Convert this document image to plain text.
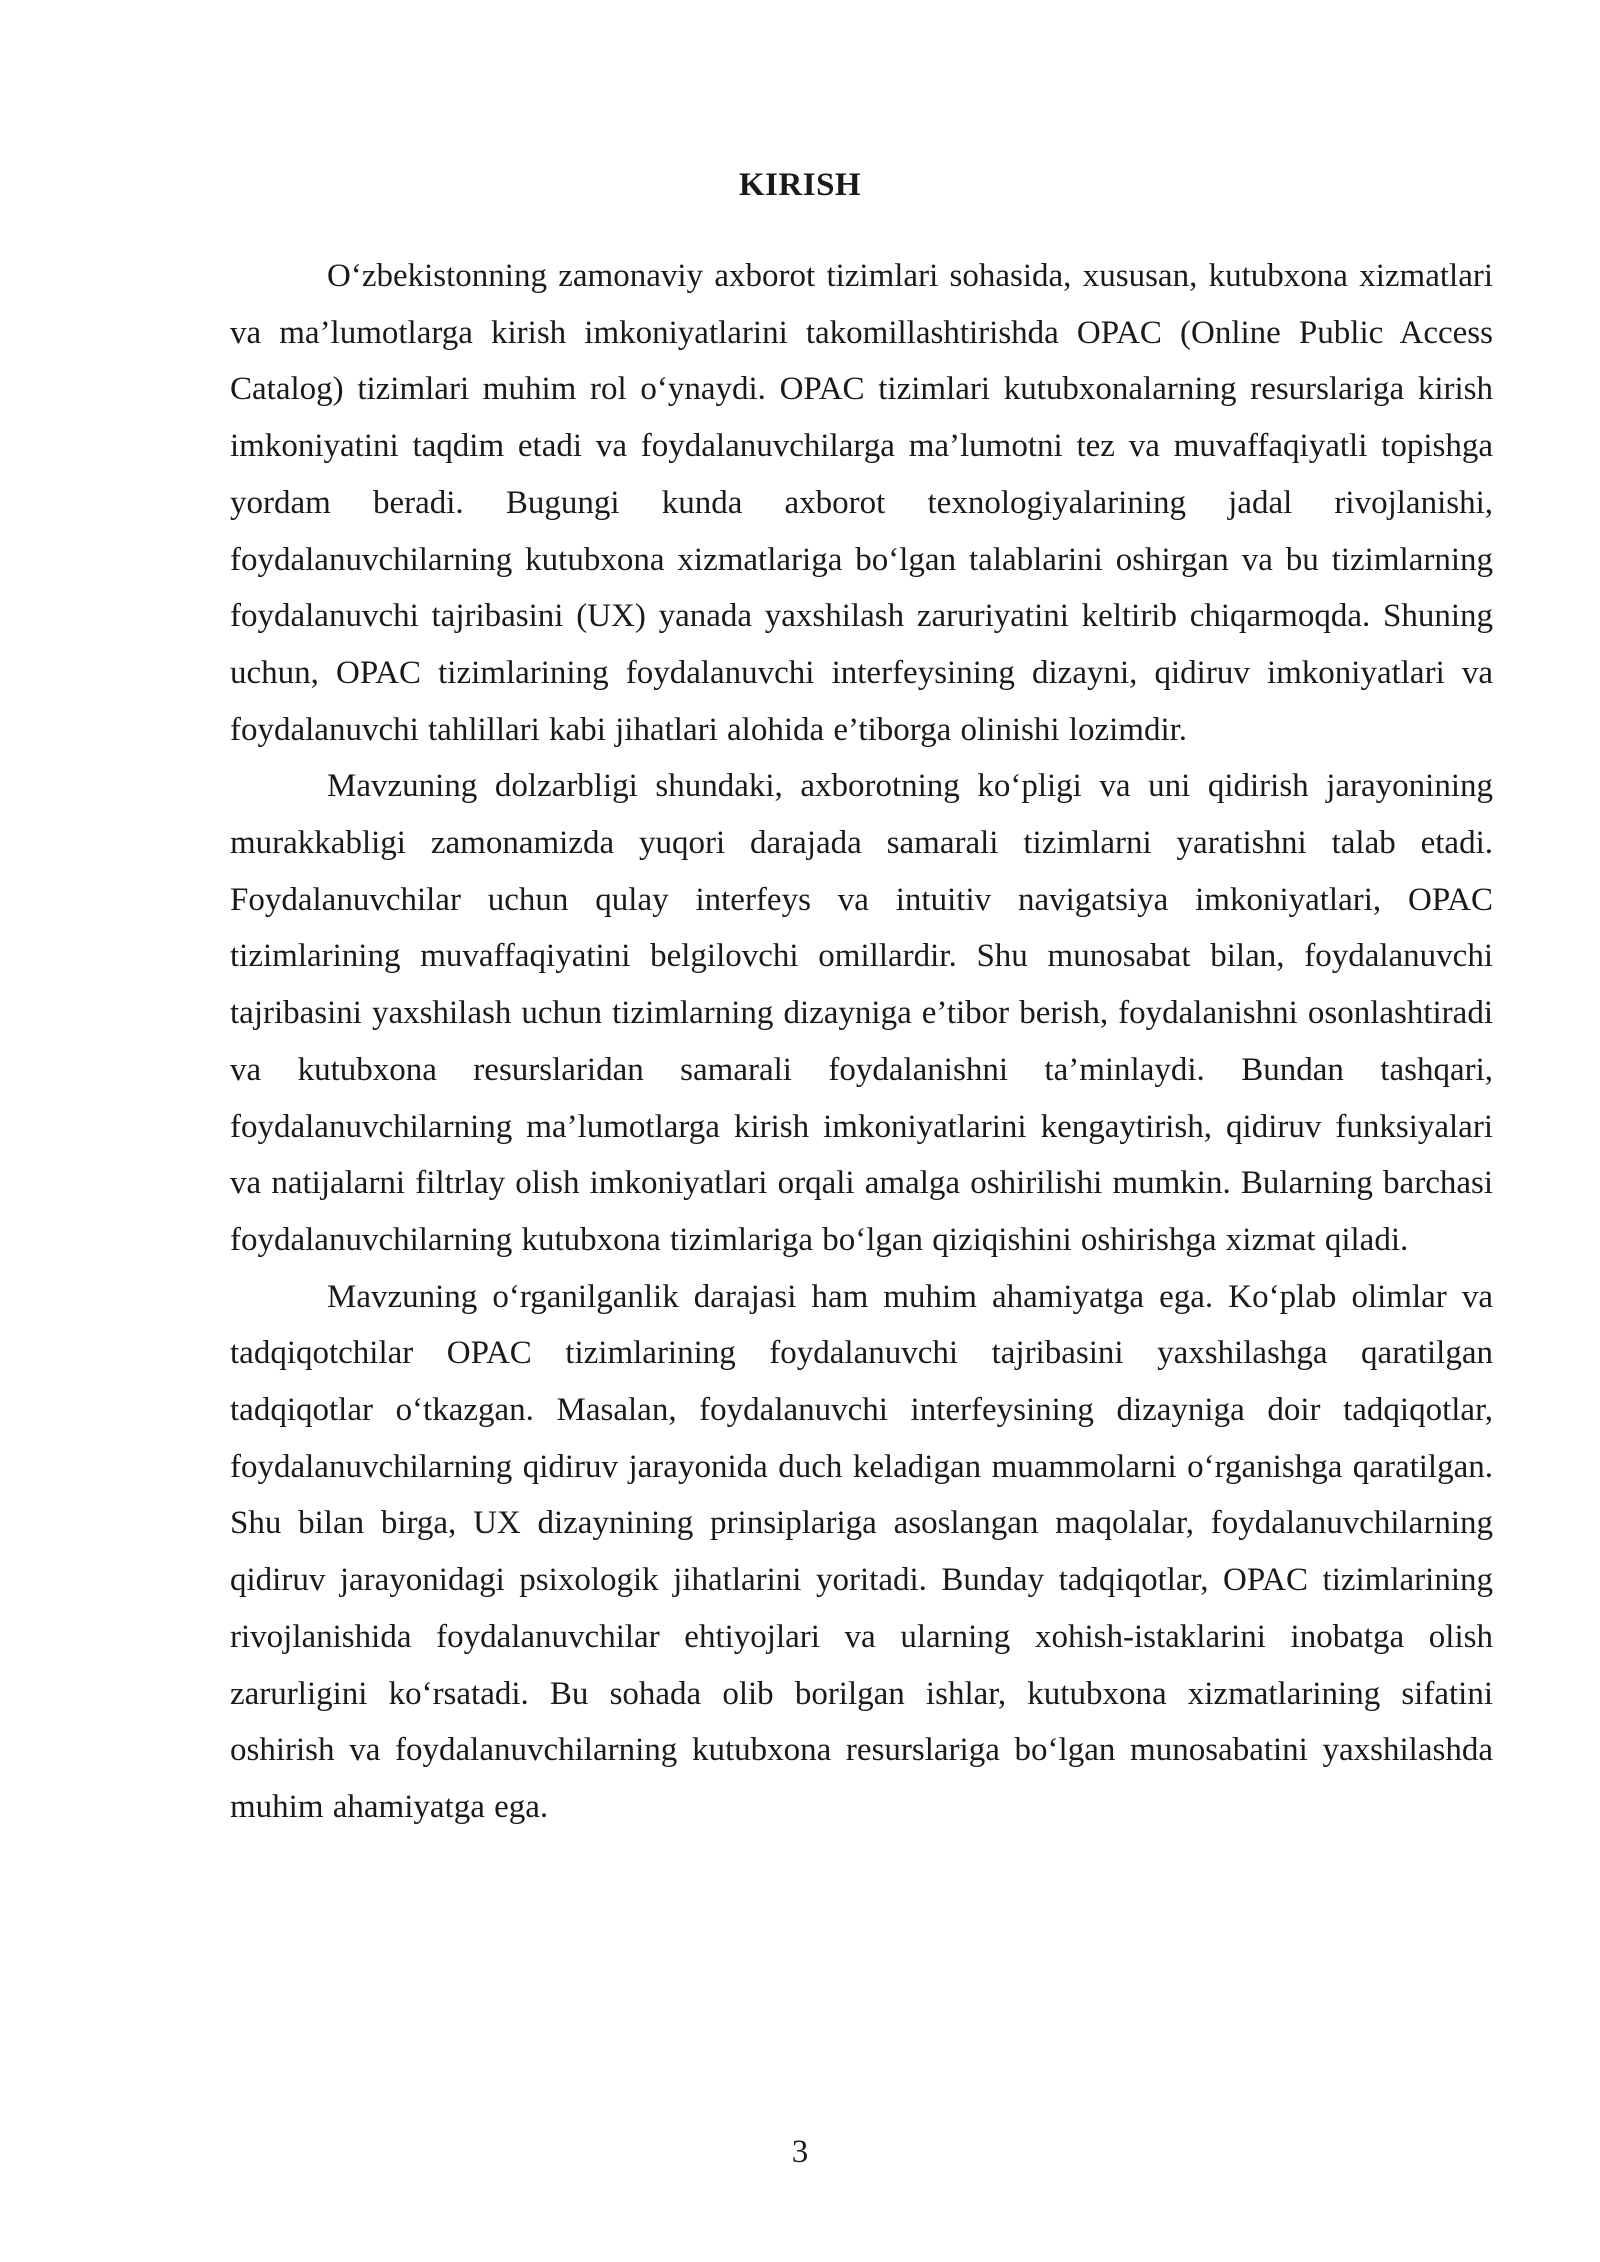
KIRISH

O‘zbekistonning zamonaviy axborot tizimlari sohasida, xususan, kutubxona xizmatlari va ma’lumotlarga kirish imkoniyatlarini takomillashtirishda OPAC (Online Public Access Catalog) tizimlari muhim rol o‘ynaydi. OPAC tizimlari kutubxonalarning resurslariga kirish imkoniyatini taqdim etadi va foydalanuvchilarga ma’lumotni tez va muvaffaqiyatli topishga yordam beradi. Bugungi kunda axborot texnologiyalarining jadal rivojlanishi, foydalanuvchilarning kutubxona xizmatlariga bo‘lgan talablarini oshirgan va bu tizimlarning foydalanuvchi tajribasini (UX) yanada yaxshilash zaruriyatini keltirib chiqarmoqda. Shuning uchun, OPAC tizimlarining foydalanuvchi interfeysining dizayni, qidiruv imkoniyatlari va foydalanuvchi tahlillari kabi jihatlari alohida e’tiborga olinishi lozimdir.

Mavzuning dolzarbligi shundaki, axborotning ko‘pligi va uni qidirish jarayonining murakkabligi zamonamizda yuqori darajada samarali tizimlarni yaratishni talab etadi. Foydalanuvchilar uchun qulay interfeys va intuitiv navigatsiya imkoniyatlari, OPAC tizimlarining muvaffaqiyatini belgilovchi omillardir. Shu munosabat bilan, foydalanuvchi tajribasini yaxshilash uchun tizimlarning dizayniga e’tibor berish, foydalanishni osonlashtiradi va kutubxona resurslaridan samarali foydalanishni ta’minlaydi. Bundan tashqari, foydalanuvchilarning ma’lumotlarga kirish imkoniyatlarini kengaytirish, qidiruv funksiyalari va natijalarni filtrlay olish imkoniyatlari orqali amalga oshirilishi mumkin. Bularning barchasi foydalanuvchilarning kutubxona tizimlariga bo‘lgan qiziqishini oshirishga xizmat qiladi.

Mavzuning o‘rganilganlik darajasi ham muhim ahamiyatga ega. Ko‘plab olimlar va tadqiqotchilar OPAC tizimlarining foydalanuvchi tajribasini yaxshilashga qaratilgan tadqiqotlar o‘tkazgan. Masalan, foydalanuvchi interfeysining dizayniga doir tadqiqotlar, foydalanuvchilarning qidiruv jarayonida duch keladigan muammolarni o‘rganishga qaratilgan. Shu bilan birga, UX dizaynining prinsiplariga asoslangan maqolalar, foydalanuvchilarning qidiruv jarayonidagi psixologik jihatlarini yoritadi. Bunday tadqiqotlar, OPAC tizimlarining rivojlanishida foydalanuvchilar ehtiyojlari va ularning xohish-istaklarini inobatga olish zarurligini ko‘rsatadi. Bu sohada olib borilgan ishlar, kutubxona xizmatlarining sifatini oshirish va foydalanuvchilarning kutubxona resurslariga bo‘lgan munosabatini yaxshilashda muhim ahamiyatga ega.

3
